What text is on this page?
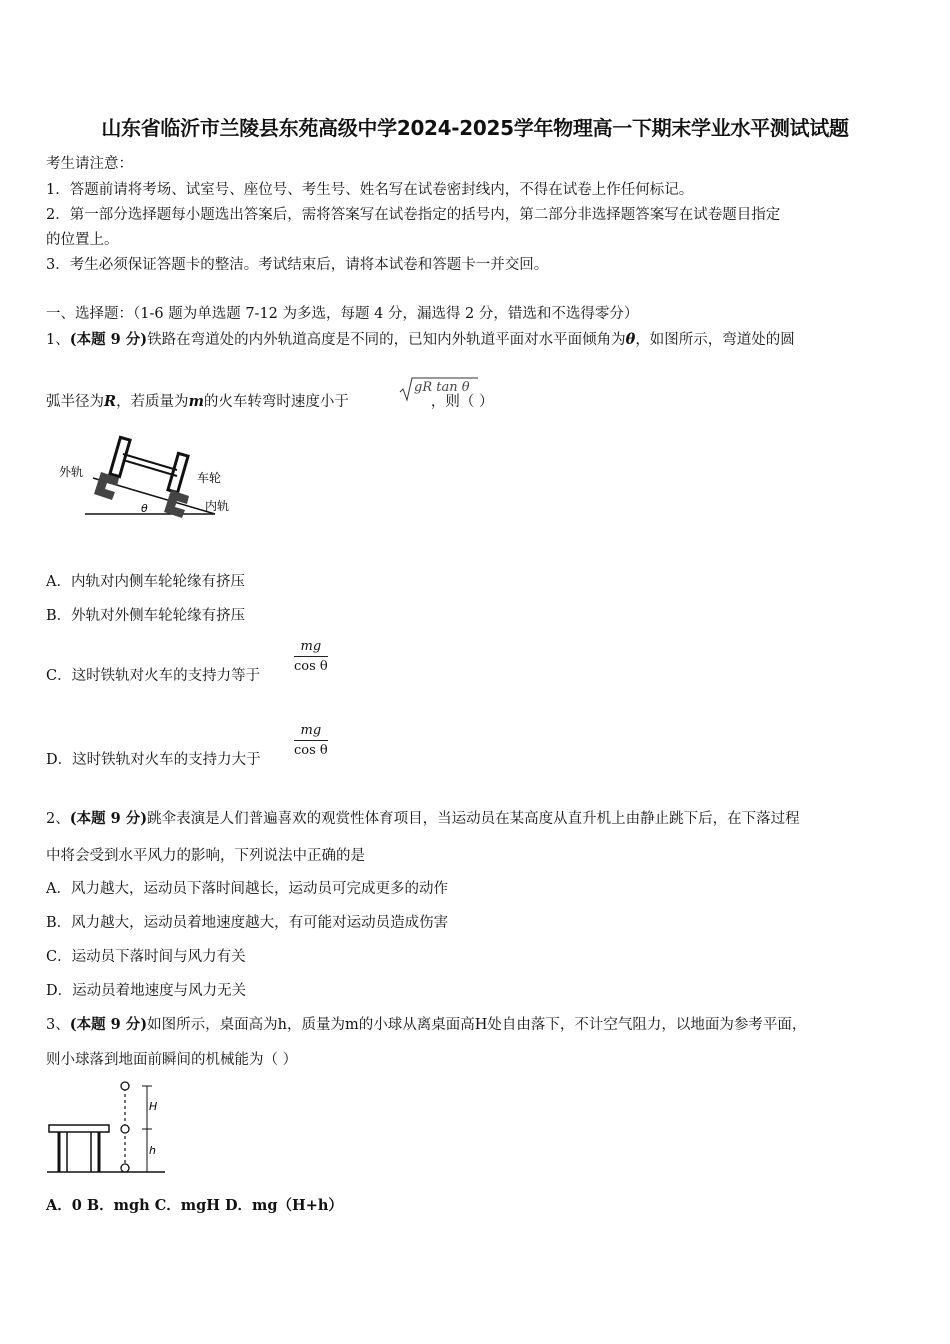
山东省临沂市兰陵县东苑高级中学2024-2025学年物理高一下期末学业水平测试试题
考生请注意：
1．答题前请将考场、试室号、座位号、考生号、姓名写在试卷密封线内，不得在试卷上作任何标记。
2．第一部分选择题每小题选出答案后，需将答案写在试卷指定的括号内，第二部分非选择题答案写在试卷题目指定
的位置上。
3．考生必须保证答题卡的整洁。考试结束后，请将本试卷和答题卡一并交回。
一、选择题：（1-6 题为单选题 7-12 为多选，每题 4 分，漏选得 2 分，错选和不选得零分）
1、(本题 9 分)铁路在弯道处的内外轨道高度是不同的，已知内外轨道平面对水平面倾角为θ，如图所示，弯道处的圆
弧半径为R，若质量为m的火车转弯时速度小于	，则（ ）
gR tan θ
外轨	车轮
内轨
θ
A．内轨对内侧车轮轮缘有挤压
B．外轨对外侧车轮轮缘有挤压
C．这时铁轨对火车的支持力等于
mg
cos θ
D．这时铁轨对火车的支持力大于
mg
cos θ
2、(本题 9 分)跳伞表演是人们普遍喜欢的观赏性体育项目，当运动员在某高度从直升机上由静止跳下后，在下落过程
中将会受到水平风力的影响，下列说法中正确的是
A．风力越大，运动员下落时间越长，运动员可完成更多的动作
B．风力越大，运动员着地速度越大，有可能对运动员造成伤害
C．运动员下落时间与风力有关
D．运动员着地速度与风力无关
3、(本题 9 分)如图所示，桌面高为h，质量为m的小球从离桌面高H处自由落下，不计空气阻力，以地面为参考平面，
则小球落到地面前瞬间的机械能为（ ）
H
h
A．0 B．mgh C．mgH D．mg（H+h）
